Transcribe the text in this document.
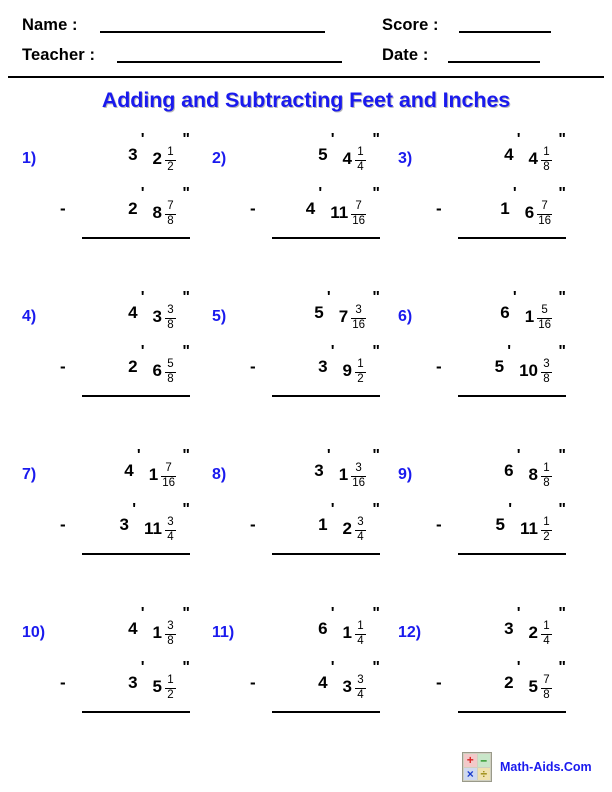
Name :
Teacher :
Score :
Date :
Adding and Subtracting Feet and Inches
1)	3
'
$2 \frac{1}{2}$
"
-	2
'
$8 \frac{7}{8}$
"
2)	5
'
$4 \frac{1}{4}$
"
-	4
'
$11 \frac{7}{16}$
"
3)	4
'
$4 \frac{1}{8}$
"
-	1
'
$6 \frac{7}{16}$
"
4)	4
'
$3 \frac{3}{8}$
"
-	2
'
$6 \frac{5}{8}$
"
5)	5
'
$7 \frac{3}{16}$
"
-	3
'
$9 \frac{1}{2}$
"
6)	6
'
$1 \frac{5}{16}$
"
-	5
'
$10 \frac{3}{8}$
"
7)	4
'
$1 \frac{7}{16}$
"
-	3
'
$11 \frac{3}{4}$
"
8)	3
'
$1 \frac{3}{16}$
"
-	1
'
$2 \frac{3}{4}$
"
9)	6
'
$8 \frac{1}{8}$
"
-	5
'
$11 \frac{1}{2}$
"
10)	4
'
$1 \frac{3}{8}$
"
-	3
'
$5 \frac{1}{2}$
"
11)	6
'
$1 \frac{1}{4}$
"
-	4
'
$3 \frac{3}{4}$
"
12)	3
'
$2 \frac{1}{4}$
"
-	2
'
$5 \frac{7}{8}$
"
+ –
× ÷ Math-Aids.Com
